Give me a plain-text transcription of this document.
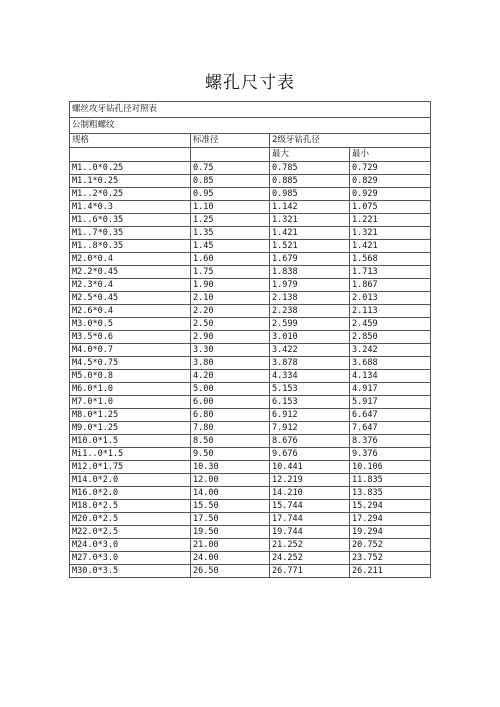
螺孔尺寸表
螺丝攻牙钻孔径对照表			
公制粗螺纹			
规格	标准径	2级牙钻孔径	
		最大	最小
M1..0*0.25	0.75	0.785	0.729
M1.1*0.25	0.85	0.885	0.829
M1..2*0.25	0.95	0.985	0.929
M1.4*0.3	1.10	1.142	1.075
M1..6*0.35	1.25	1.321	1.221
M1..7*0.35	1.35	1.421	1.321
M1..8*0.35	1.45	1.521	1.421
M2.0*0.4	1.60	1.679	1.568
M2.2*0.45	1.75	1.838	1.713
M2.3*0.4	1.90	1.979	1.867
M2.5*0.45	2.10	2.138	2.013
M2.6*0.4	2.20	2.238	2.113
M3.0*0.5	2.50	2.599	2.459
M3.5*0.6	2.90	3.010	2.850
M4.0*0.7	3.30	3.422	3.242
M4.5*0.75	3.80	3.878	3.688
M5.0*0.8	4.20	4.334	4.134
M6.0*1.0	5.00	5.153	4.917
M7.0*1.0	6.00	6.153	5.917
M8.0*1.25	6.80	6.912	6.647
M9.0*1.25	7.80	7.912	7.647
M10.0*1.5	8.50	8.676	8.376
Mi1..0*1.5	9.50	9.676	9.376
M12.0*1.75	10.30	10.441	10.106
M14.0*2.0	12.00	12.219	11.835
M16.0*2.0	14.00	14.210	13.835
M18.0*2.5	15.50	15.744	15.294
M20.0*2.5	17.50	17.744	17.294
M22.0*2.5	19.50	19.744	19.294
M24.0*3.0	21.00	21.252	20.752
M27.0*3.0	24.00	24.252	23.752
M30.0*3.5	26.50	26.771	26.211
